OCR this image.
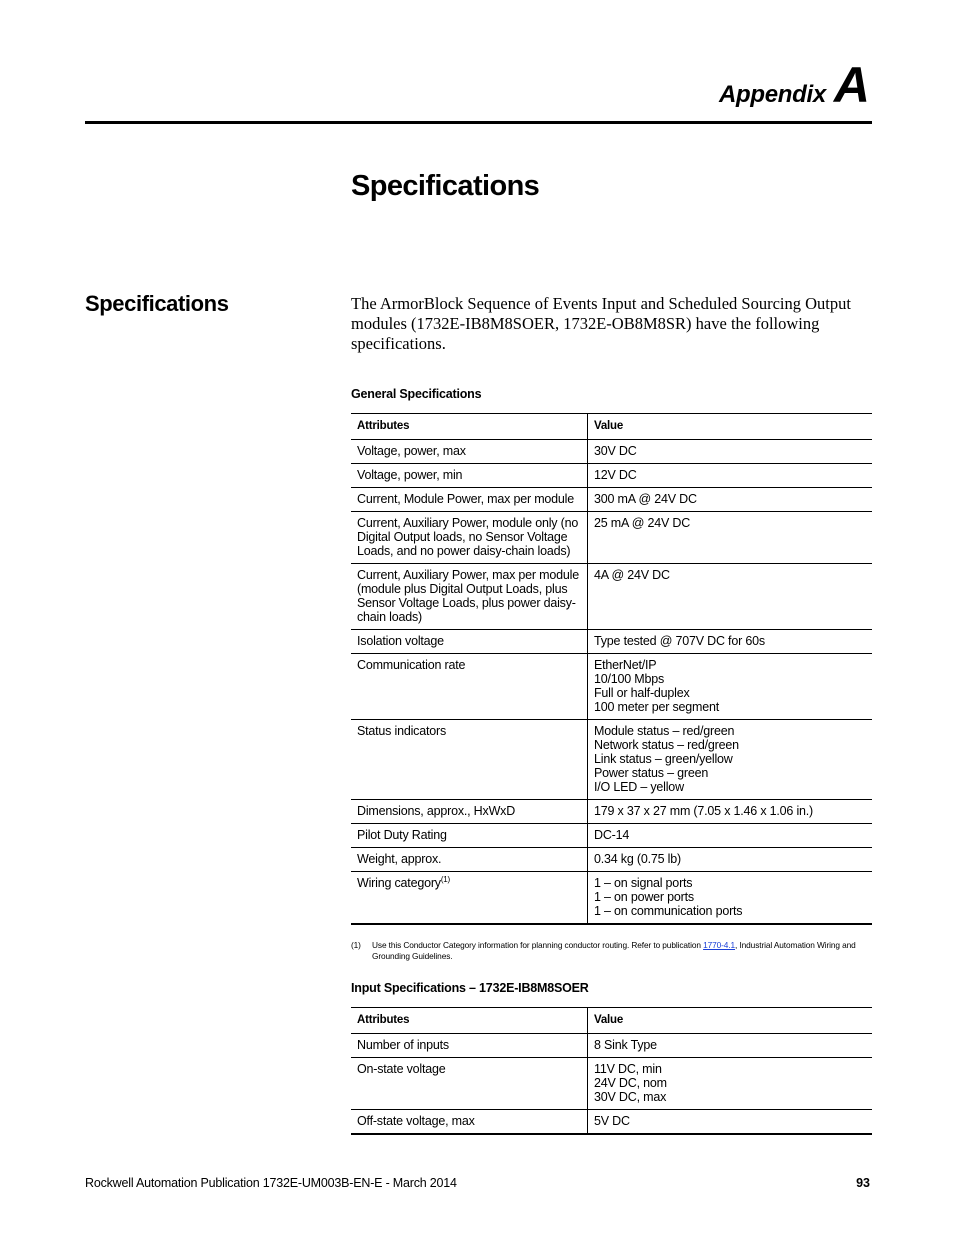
Appendix A
Specifications
Specifications	The ArmorBlock Sequence of Events Input and Scheduled Sourcing Output modules (1732E-IB8M8SOER, 1732E-OB8M8SR) have the following specifications.

General Specifications

Attributes	Value
Voltage, power, max	30V DC

Voltage, power, min	12V DC

Current, Module Power, max per module	300 mA @ 24V DC

Current, Auxiliary Power, module only (no Digital Output loads, no Sensor Voltage Loads, and no power daisy-chain loads)	25 mA @ 24V DC

Current, Auxiliary Power, max per module (module plus Digital Output Loads, plus Sensor Voltage Loads, plus power daisy-chain loads)	4A @ 24V DC

Isolation voltage	Type tested @ 707V DC for 60s

Communication rate	EtherNet/IP
10/100 Mbps
Full or half-duplex
100 meter per segment

Status indicators	Module status – red/green
Network status – red/green
Link status – green/yellow
Power status – green
I/O LED – yellow

Dimensions, approx., HxWxD	179 x 37 x 27 mm (7.05 x 1.46 x 1.06 in.)

Pilot Duty Rating	DC-14

Weight, approx.	0.34 kg (0.75 lb)

Wiring category$^{(1)}$	1 – on signal ports
1 – on power ports
1 – on communication ports
(1) Use this Conductor Category information for planning conductor routing. Refer to publication 1770-4.1, Industrial Automation Wiring and Grounding Guidelines.

Input Specifications – 1732E-IB8M8SOER

Attributes	Value
Number of inputs	8 Sink Type

On-state voltage	11V DC, min
24V DC, nom
30V DC, max

Off-state voltage, max	5V DC
Rockwell Automation Publication 1732E-UM003B-EN-E - March 2014	93
